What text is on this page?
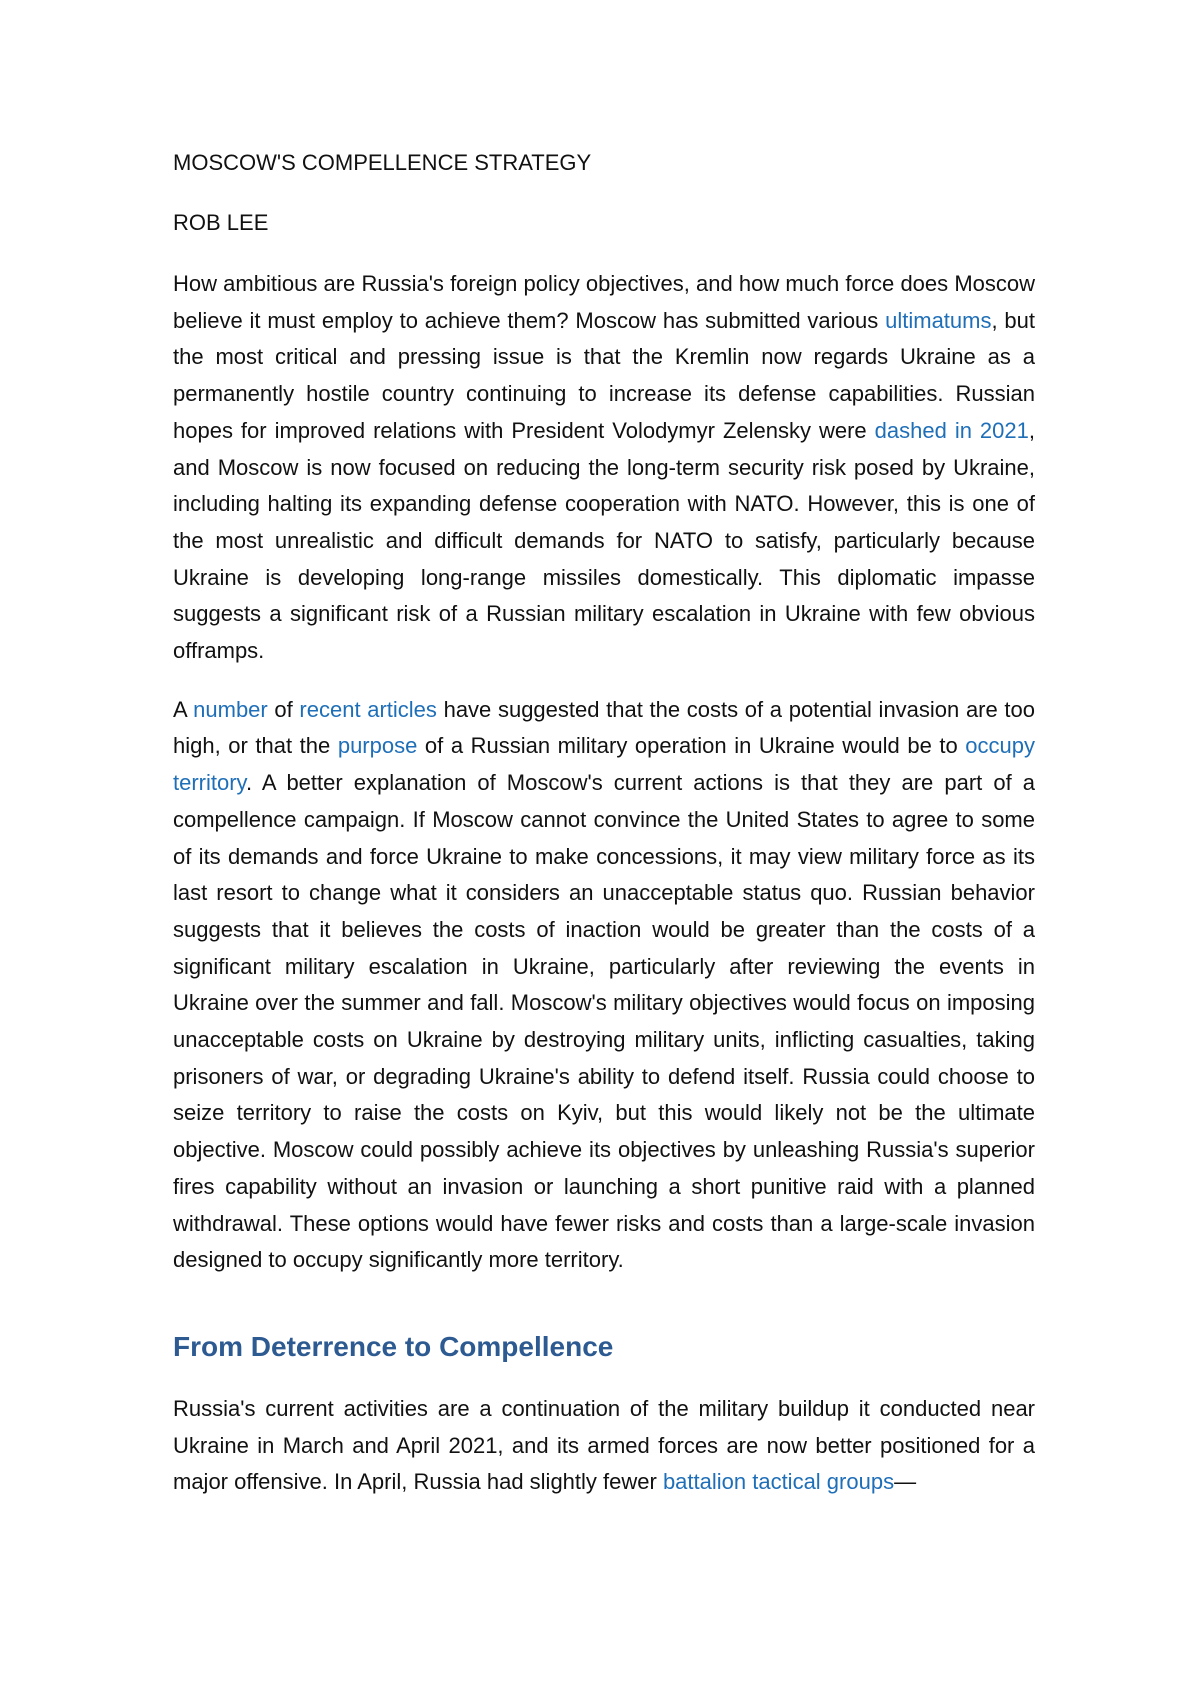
MOSCOW'S COMPELLENCE STRATEGY
ROB LEE

How ambitious are Russia's foreign policy objectives, and how much force does Moscow believe it must employ to achieve them? Moscow has submitted various ultimatums, but the most critical and pressing issue is that the Kremlin now regards Ukraine as a permanently hostile country continuing to increase its defense capabilities. Russian hopes for improved relations with President Volodymyr Zelensky were dashed in 2021, and Moscow is now focused on reducing the long-term security risk posed by Ukraine, including halting its expanding defense cooperation with NATO. However, this is one of the most unrealistic and difficult demands for NATO to satisfy, particularly because Ukraine is developing long-range missiles domestically. This diplomatic impasse suggests a significant risk of a Russian military escalation in Ukraine with few obvious offramps.

A number of recent articles have suggested that the costs of a potential invasion are too high, or that the purpose of a Russian military operation in Ukraine would be to occupy territory. A better explanation of Moscow's current actions is that they are part of a compellence campaign. If Moscow cannot convince the United States to agree to some of its demands and force Ukraine to make concessions, it may view military force as its last resort to change what it considers an unacceptable status quo. Russian behavior suggests that it believes the costs of inaction would be greater than the costs of a significant military escalation in Ukraine, particularly after reviewing the events in Ukraine over the summer and fall. Moscow's military objectives would focus on imposing unacceptable costs on Ukraine by destroying military units, inflicting casualties, taking prisoners of war, or degrading Ukraine's ability to defend itself. Russia could choose to seize territory to raise the costs on Kyiv, but this would likely not be the ultimate objective. Moscow could possibly achieve its objectives by unleashing Russia's superior fires capability without an invasion or launching a short punitive raid with a planned withdrawal. These options would have fewer risks and costs than a large-scale invasion designed to occupy significantly more territory.

From Deterrence to Compellence

Russia's current activities are a continuation of the military buildup it conducted near Ukraine in March and April 2021, and its armed forces are now better positioned for a major offensive. In April, Russia had slightly fewer battalion tactical groups—
